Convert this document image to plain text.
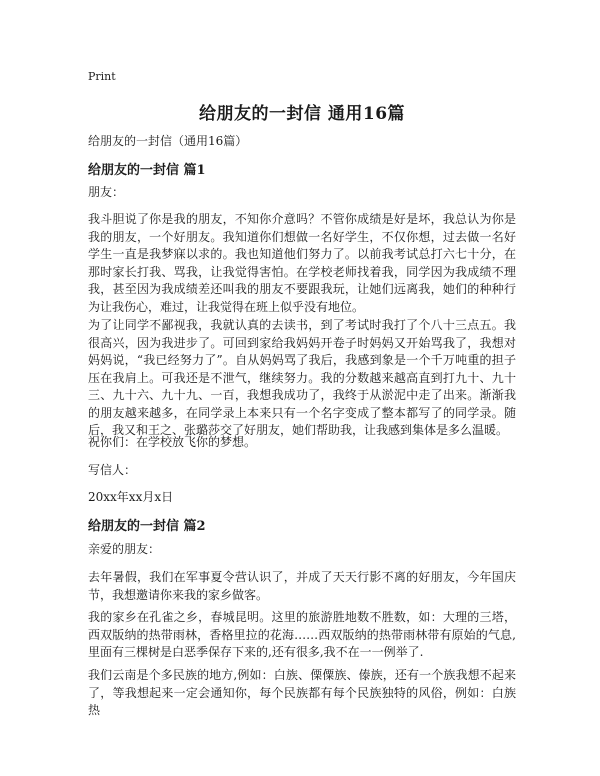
Print
给朋友的一封信 通用16篇
给朋友的一封信（通用16篇）
给朋友的一封信 篇1
朋友：
我斗胆说了你是我的朋友，不知你介意吗？不管你成绩是好是坏，我总认为你是我的朋友，一个好朋友。我知道你们想做一名好学生，不仅你想，过去做一名好学生一直是我梦寐以求的。我也知道他们努力了。以前我考试总打六七十分，在那时家长打我、骂我，让我觉得害怕。在学校老师找着我，同学因为我成绩不理我，甚至因为我成绩差还叫我的朋友不要跟我玩，让她们远离我，她们的种种行为让我伤心，难过，让我觉得在班上似乎没有地位。
为了让同学不鄙视我，我就认真的去读书，到了考试时我打了个八十三点五。我很高兴，因为我进步了。可回到家给我妈妈开卷子时妈妈又开始骂我了，我想对妈妈说，“我已经努力了”。自从妈妈骂了我后，我感到象是一个千万吨重的担子压在我肩上。可我还是不泄气，继续努力。我的分数越来越高直到打九十、九十三、九十六、九十九、一百，我想我成功了，我终于从淤泥中走了出来。渐渐我的朋友越来越多，在同学录上本来只有一个名字变成了整本都写了的同学录。随后，我又和王之、张璐莎交了好朋友，她们帮助我，让我感到集体是多么温暖。
祝你们：在学校放飞你的梦想。
写信人：
20xx年xx月x日
给朋友的一封信 篇2
亲爱的朋友：
去年暑假，我们在军事夏令营认识了，并成了天天行影不离的好朋友，今年国庆节，我想邀请你来我的家乡做客。
我的家乡在孔雀之乡，春城昆明。这里的旅游胜地数不胜数，如：大理的三塔，西双版纳的热带雨林，香格里拉的花海……西双版纳的热带雨林带有原始的气息,里面有三棵树是白恶季保存下来的,还有很多,我不在一一例举了.
我们云南是个多民族的地方,例如：白族、傈僳族、傣族，还有一个族我想不起来了，等我想起来一定会通知你，每个民族都有每个民族独特的风俗，例如：白族热
